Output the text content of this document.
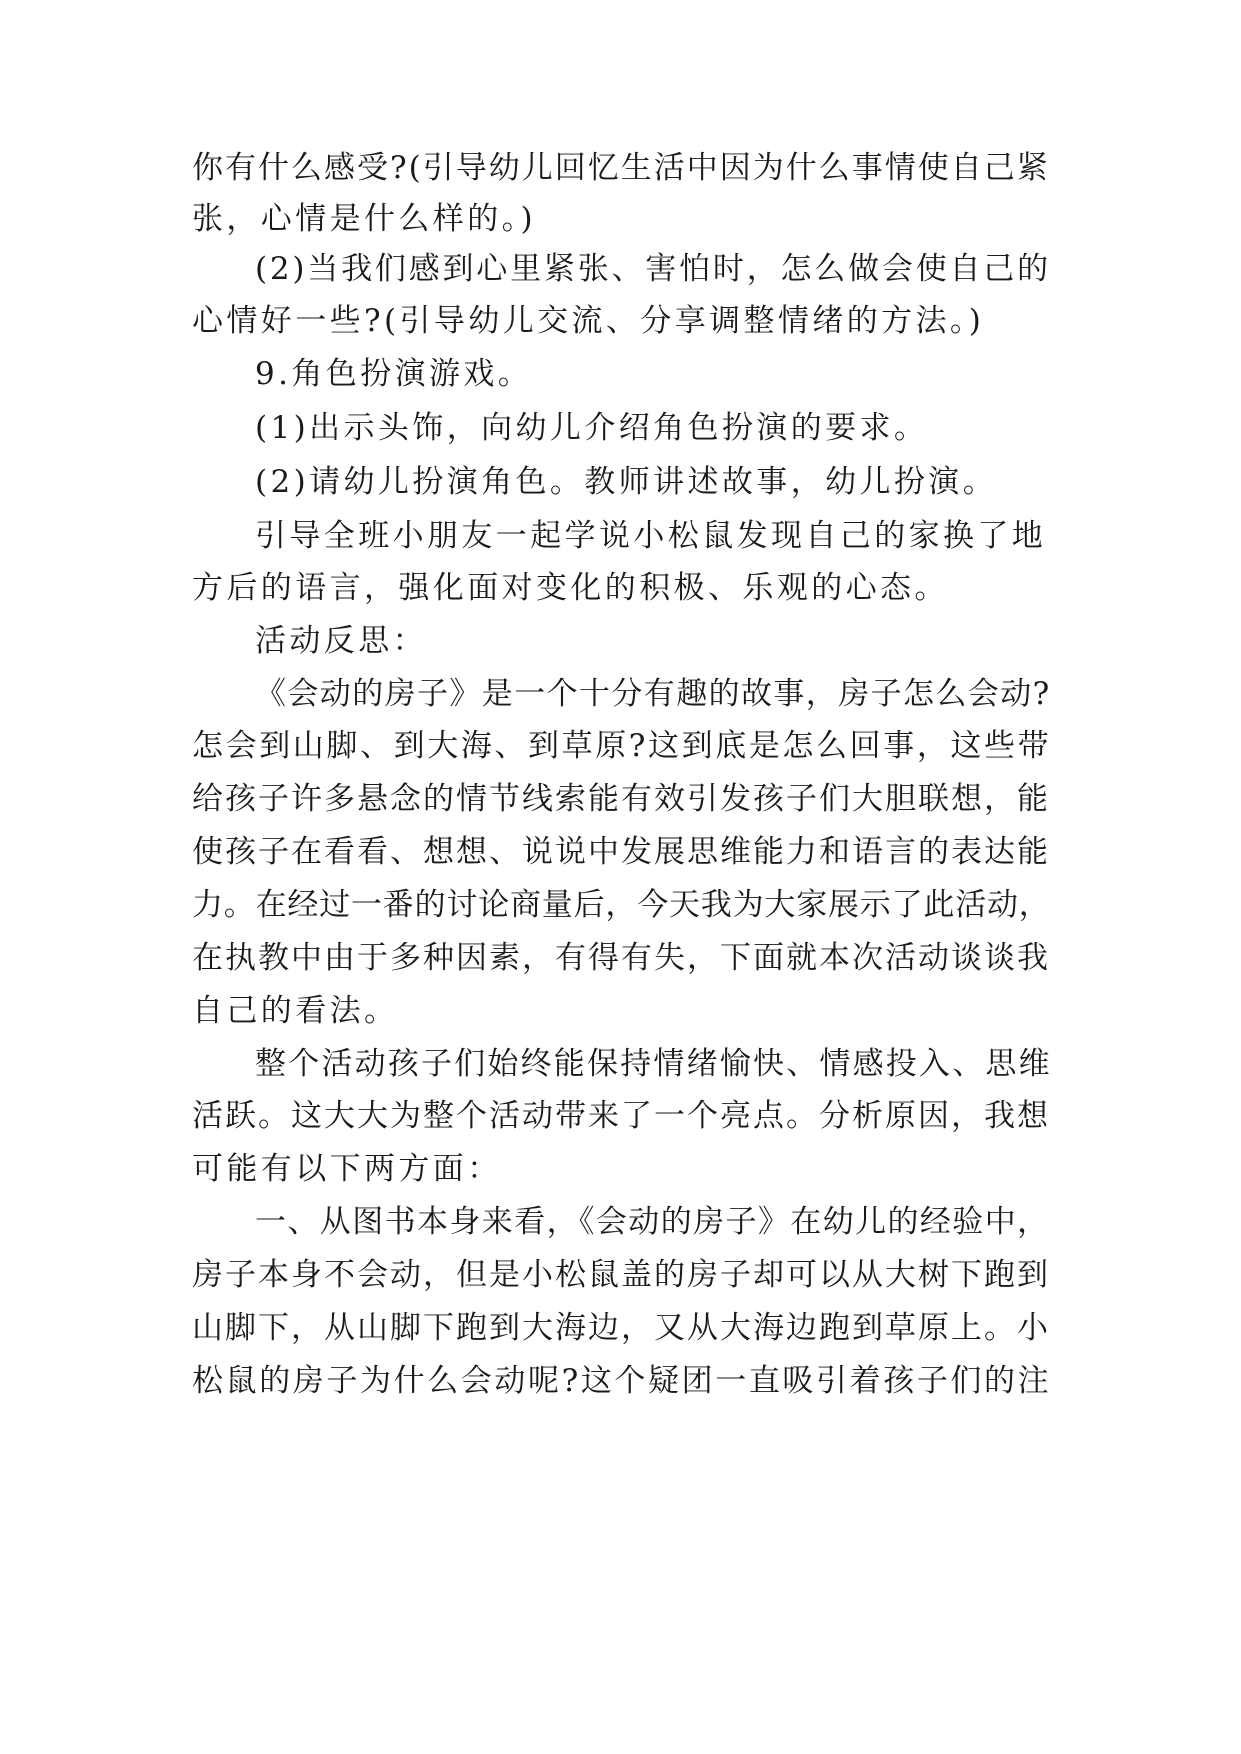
你有什么感受?(引导幼儿回忆生活中因为什么事情使自己紧
张，心情是什么样的。)
(2)当我们感到心里紧张、害怕时，怎么做会使自己的
心情好一些?(引导幼儿交流、分享调整情绪的方法。)
9.角色扮演游戏。
(1)出示头饰，向幼儿介绍角色扮演的要求。
(2)请幼儿扮演角色。教师讲述故事，幼儿扮演。
引导全班小朋友一起学说小松鼠发现自己的家换了地
方后的语言，强化面对变化的积极、乐观的心态。
活动反思：
《会动的房子》是一个十分有趣的故事，房子怎么会动?
怎会到山脚、到大海、到草原?这到底是怎么回事，这些带
给孩子许多悬念的情节线索能有效引发孩子们大胆联想，能
使孩子在看看、想想、说说中发展思维能力和语言的表达能
力。在经过一番的讨论商量后，今天我为大家展示了此活动，
在执教中由于多种因素，有得有失，下面就本次活动谈谈我
自己的看法。
整个活动孩子们始终能保持情绪愉快、情感投入、思维
活跃。这大大为整个活动带来了一个亮点。分析原因，我想
可能有以下两方面：
一、从图书本身来看，《会动的房子》在幼儿的经验中，
房子本身不会动，但是小松鼠盖的房子却可以从大树下跑到
山脚下，从山脚下跑到大海边，又从大海边跑到草原上。小
松鼠的房子为什么会动呢?这个疑团一直吸引着孩子们的注
